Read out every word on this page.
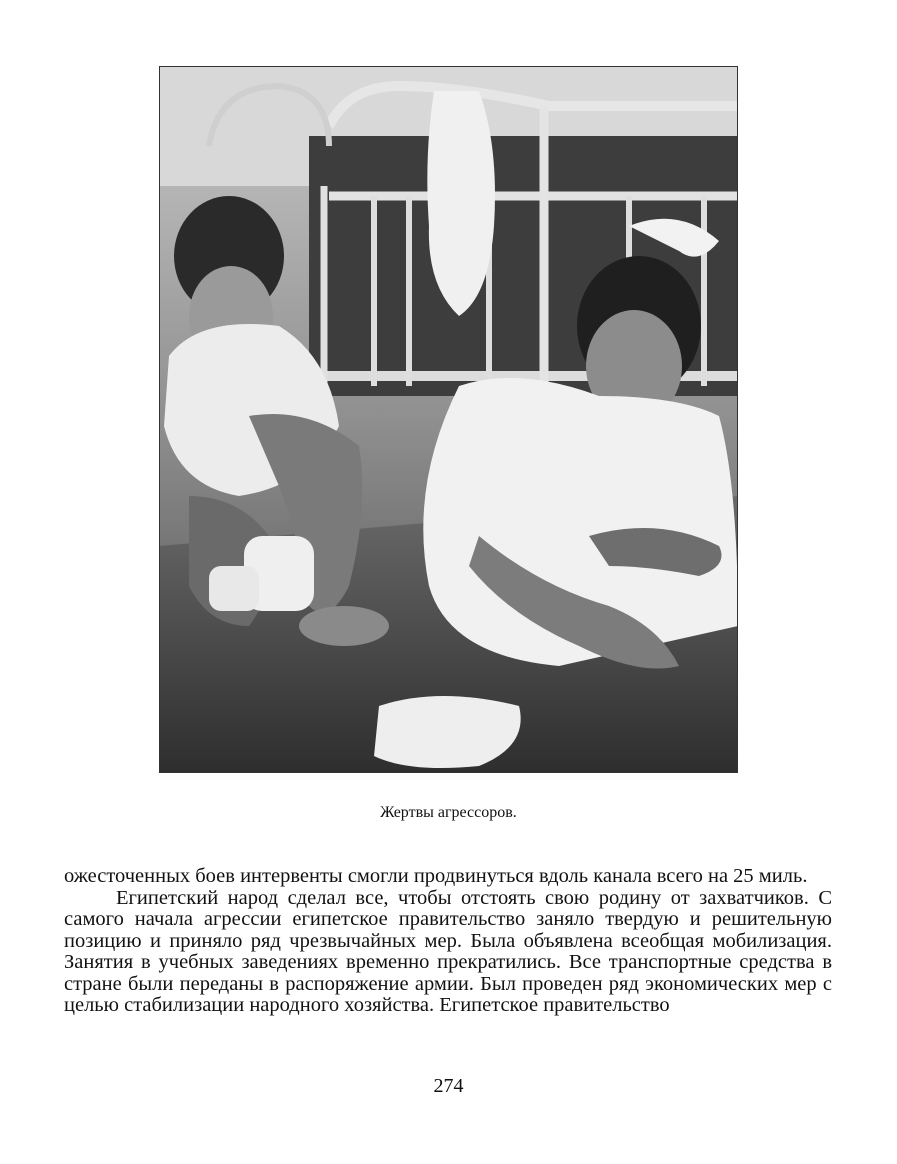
Жертвы агрессоров.

ожесточенных боев интервенты смогли продвинуться вдоль канала всего на 25 миль.

Египетский народ сделал все, чтобы отстоять свою родину от захватчиков. С самого начала агрессии египетское правительство заняло твердую и решительную позицию и приняло ряд чрезвычайных мер. Была объявлена всеобщая мобилизация. Занятия в учебных заведениях временно прекратились. Все транспортные средства в стране были переданы в распоряжение армии. Был проведен ряд экономических мер с целью стабилизации народного хозяйства. Египетское правительство

274
